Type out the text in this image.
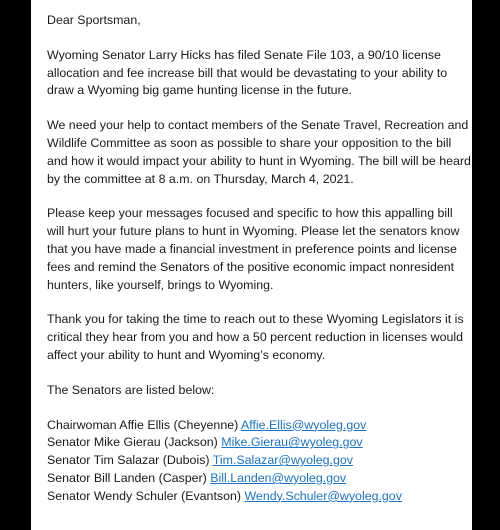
Dear Sportsman,

Wyoming Senator Larry Hicks has filed Senate File 103, a 90/10 license allocation and fee increase bill that would be devastating to your ability to draw a Wyoming big game hunting license in the future.

We need your help to contact members of the Senate Travel, Recreation and Wildlife Committee as soon as possible to share your opposition to the bill and how it would impact your ability to hunt in Wyoming. The bill will be heard by the committee at 8 a.m. on Thursday, March 4, 2021.

Please keep your messages focused and specific to how this appalling bill will hurt your future plans to hunt in Wyoming. Please let the senators know that you have made a financial investment in preference points and license fees and remind the Senators of the positive economic impact nonresident hunters, like yourself, brings to Wyoming.

Thank you for taking the time to reach out to these Wyoming Legislators it is critical they hear from you and how a 50 percent reduction in licenses would affect your ability to hunt and Wyoming’s economy.

The Senators are listed below:

Chairwoman Affie Ellis (Cheyenne) Affie.Ellis@wyoleg.gov
Senator Mike Gierau (Jackson) Mike.Gierau@wyoleg.gov
Senator Tim Salazar (Dubois) Tim.Salazar@wyoleg.gov
Senator Bill Landen (Casper) Bill.Landen@wyoleg.gov
Senator Wendy Schuler (Evantson) Wendy.Schuler@wyoleg.gov
